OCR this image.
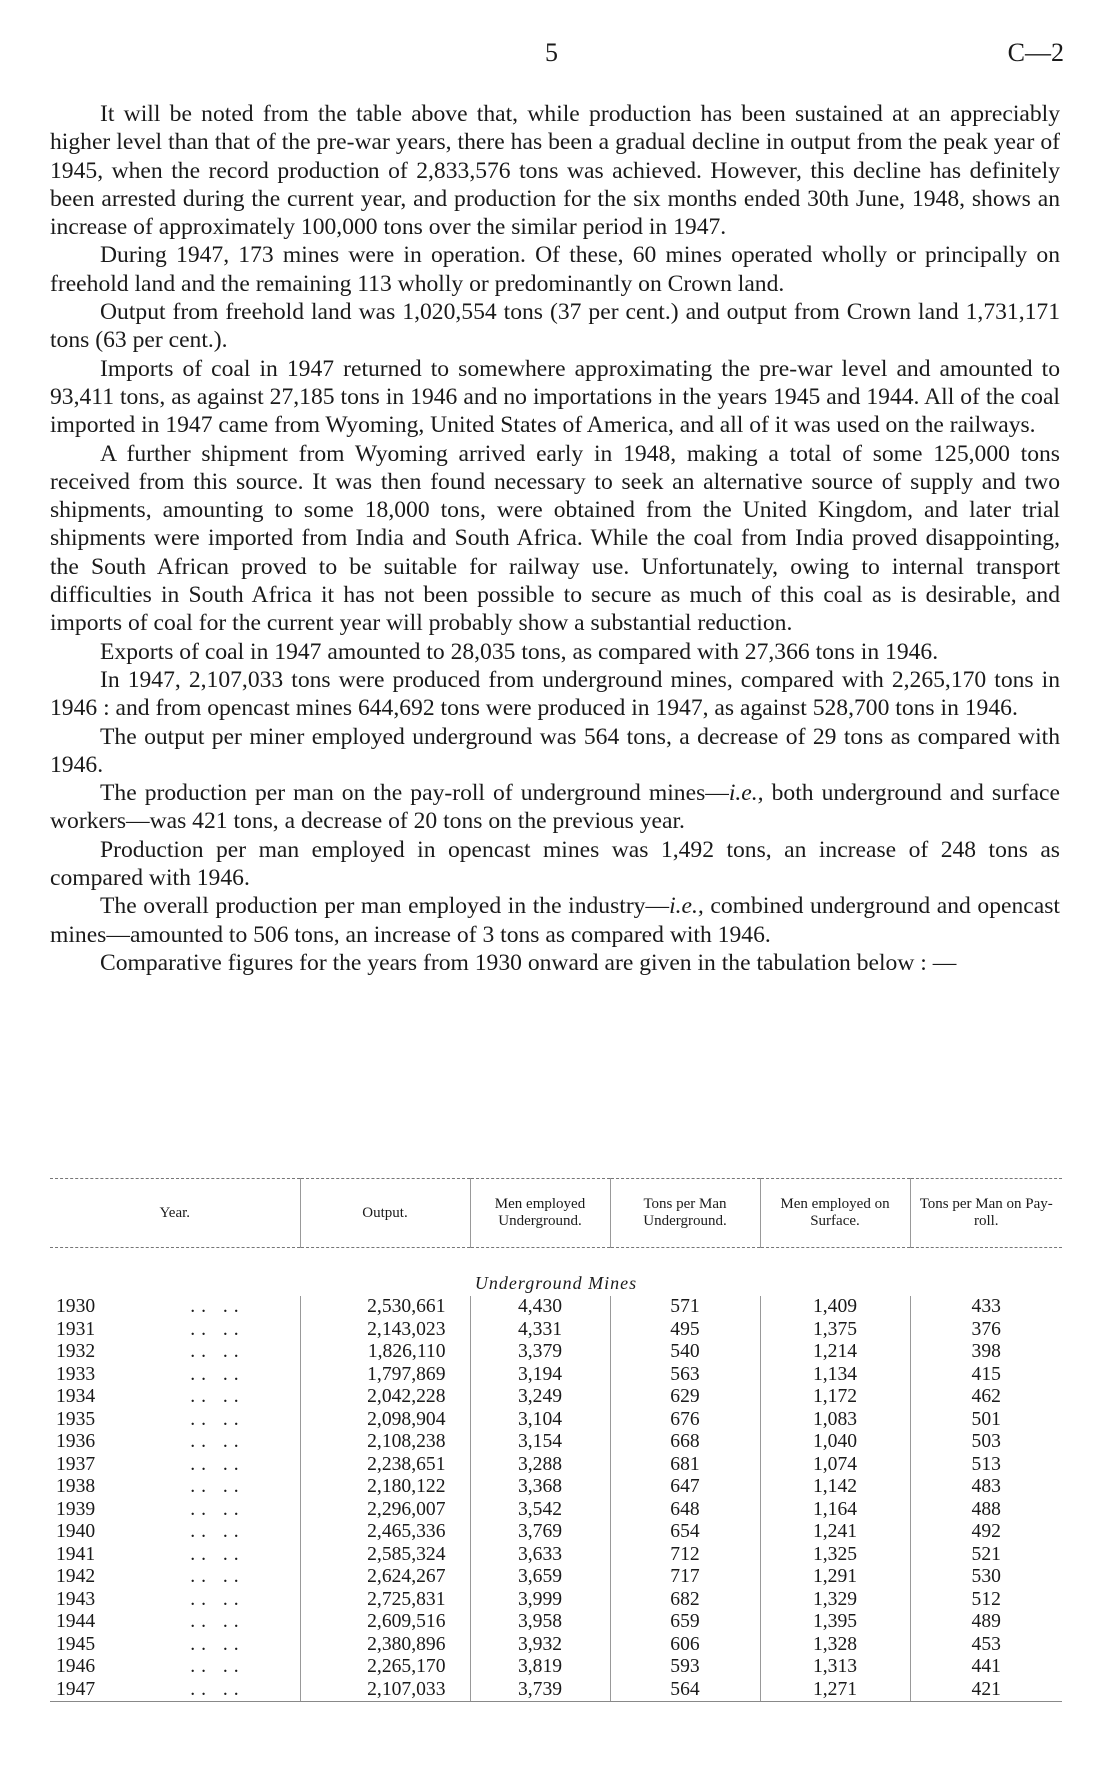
5	C—2

It will be noted from the table above that, while production has been sustained at an appreciably higher level than that of the pre-war years, there has been a gradual decline in output from the peak year of 1945, when the record production of 2,833,576 tons was achieved. However, this decline has definitely been arrested during the current year, and production for the six months ended 30th June, 1948, shows an increase of approximately 100,000 tons over the similar period in 1947.

During 1947, 173 mines were in operation. Of these, 60 mines operated wholly or principally on freehold land and the remaining 113 wholly or predominantly on Crown land.

Output from freehold land was 1,020,554 tons (37 per cent.) and output from Crown land 1,731,171 tons (63 per cent.).

Imports of coal in 1947 returned to somewhere approximating the pre-war level and amounted to 93,411 tons, as against 27,185 tons in 1946 and no importations in the years 1945 and 1944. All of the coal imported in 1947 came from Wyoming, United States of America, and all of it was used on the railways.

A further shipment from Wyoming arrived early in 1948, making a total of some 125,000 tons received from this source. It was then found necessary to seek an alternative source of supply and two shipments, amounting to some 18,000 tons, were obtained from the United Kingdom, and later trial shipments were imported from India and South Africa. While the coal from India proved disappointing, the South African proved to be suitable for railway use. Unfortunately, owing to internal transport difficulties in South Africa it has not been possible to secure as much of this coal as is desirable, and imports of coal for the current year will probably show a substantial reduction.

Exports of coal in 1947 amounted to 28,035 tons, as compared with 27,366 tons in 1946.

In 1947, 2,107,033 tons were produced from underground mines, compared with 2,265,170 tons in 1946 : and from opencast mines 644,692 tons were produced in 1947, as against 528,700 tons in 1946.

The output per miner employed underground was 564 tons, a decrease of 29 tons as compared with 1946.

The production per man on the pay-roll of underground mines—i.e., both underground and surface workers—was 421 tons, a decrease of 20 tons on the previous year.

Production per man employed in opencast mines was 1,492 tons, an increase of 248 tons as compared with 1946.

The overall production per man employed in the industry—i.e., combined underground and opencast mines—amounted to 506 tons, an increase of 3 tons as compared with 1946.

Comparative figures for the years from 1930 onward are given in the tabulation below : —

Year.	Output.	Men employed Underground.	Tons per Man Underground.	Men employed on Surface.	Tons per Man on Pay-roll.
Underground Mines					
1930 .. ..	2,530,661	4,430	571	1,409	433
1931 .. ..	2,143,023	4,331	495	1,375	376
1932 .. ..	1,826,110	3,379	540	1,214	398
1933 .. ..	1,797,869	3,194	563	1,134	415
1934 .. ..	2,042,228	3,249	629	1,172	462
1935 .. ..	2,098,904	3,104	676	1,083	501
1936 .. ..	2,108,238	3,154	668	1,040	503
1937 .. ..	2,238,651	3,288	681	1,074	513
1938 .. ..	2,180,122	3,368	647	1,142	483
1939 .. ..	2,296,007	3,542	648	1,164	488
1940 .. ..	2,465,336	3,769	654	1,241	492
1941 .. ..	2,585,324	3,633	712	1,325	521
1942 .. ..	2,624,267	3,659	717	1,291	530
1943 .. ..	2,725,831	3,999	682	1,329	512
1944 .. ..	2,609,516	3,958	659	1,395	489
1945 .. ..	2,380,896	3,932	606	1,328	453
1946 .. ..	2,265,170	3,819	593	1,313	441
1947 .. ..	2,107,033	3,739	564	1,271	421
